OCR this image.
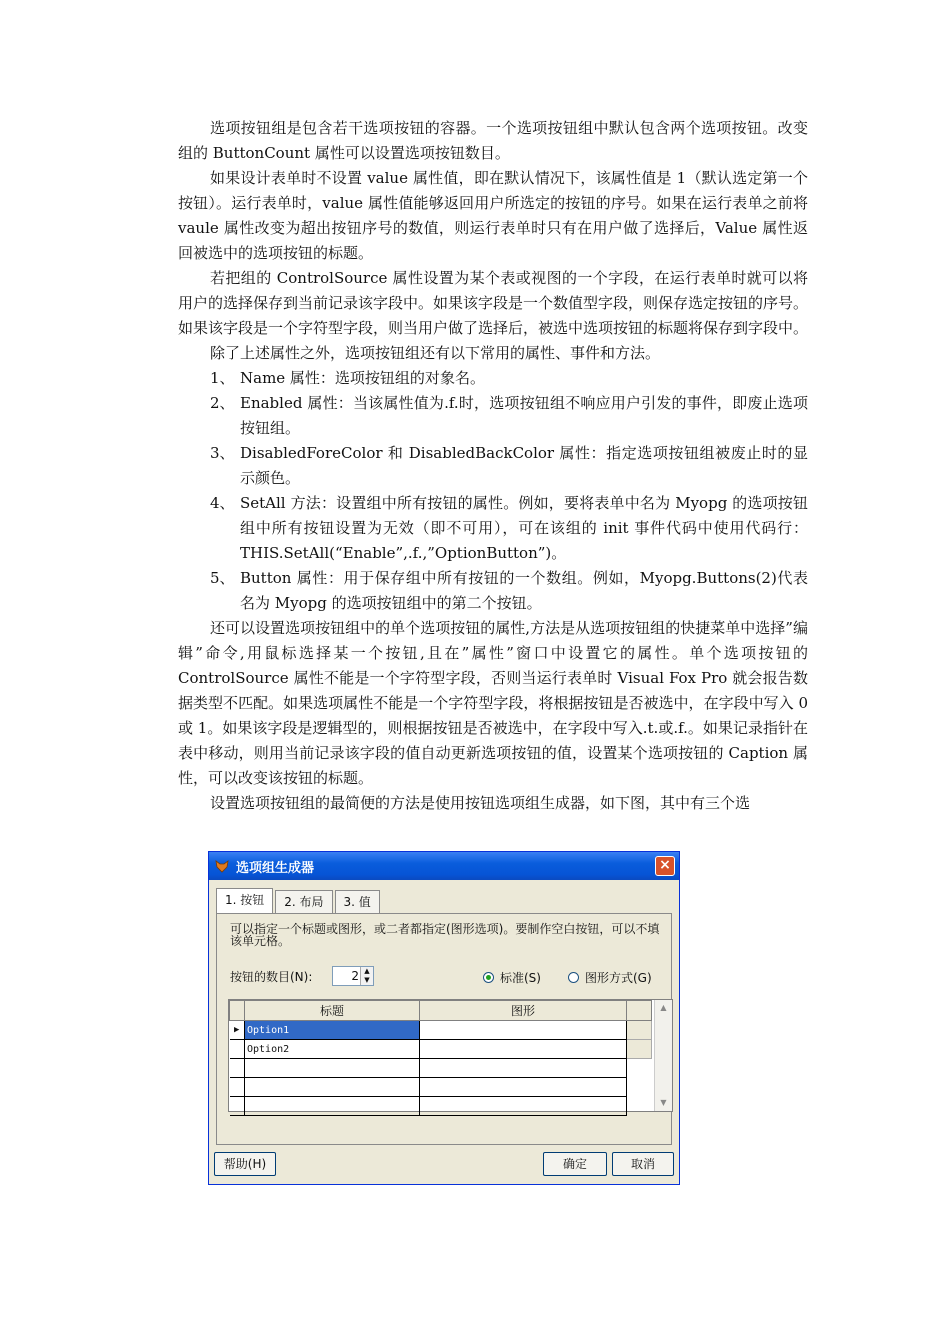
选项按钮组是包含若干选项按钮的容器。一个选项按钮组中默认包含两个选项按钮。改变组的 ButtonCount 属性可以设置选项按钮数目。

如果设计表单时不设置 value 属性值，即在默认情况下，该属性值是 1（默认选定第一个按钮）。运行表单时，value 属性值能够返回用户所选定的按钮的序号。如果在运行表单之前将 vaule 属性改变为超出按钮序号的数值，则运行表单时只有在用户做了选择后，Value 属性返回被选中的选项按钮的标题。

若把组的 ControlSource 属性设置为某个表或视图的一个字段，在运行表单时就可以将用户的选择保存到当前记录该字段中。如果该字段是一个数值型字段，则保存选定按钮的序号。如果该字段是一个字符型字段，则当用户做了选择后，被选中选项按钮的标题将保存到字段中。

除了上述属性之外，选项按钮组还有以下常用的属性、事件和方法。

1、 Name 属性：选项按钮组的对象名。
2、 Enabled 属性：当该属性值为.f.时，选项按钮组不响应用户引发的事件，即废止选项按钮组。
3、 DisabledForeColor 和 DisabledBackColor 属性：指定选项按钮组被废止时的显示颜色。
4、 SetAll 方法：设置组中所有按钮的属性。例如，要将表单中名为 Myopg 的选项按钮组中所有按钮设置为无效（即不可用），可在该组的 init 事件代码中使用代码行：THIS.SetAll(“Enable”,.f.,”OptionButton”)。
5、 Button 属性：用于保存组中所有按钮的一个数组。例如，Myopg.Buttons(2)代表名为 Myopg 的选项按钮组中的第二个按钮。

还可以设置选项按钮组中的单个选项按钮的属性,方法是从选项按钮组的快捷菜单中选择”编辑”命令,用鼠标选择某一个按钮,且在”属性”窗口中设置它的属性。单个选项按钮的 ControlSource 属性不能是一个字符型字段，否则当运行表单时 Visual Fox Pro 就会报告数据类型不匹配。如果选项属性不能是一个字符型字段，将根据按钮是否被选中，在字段中写入 0 或 1。如果该字段是逻辑型的，则根据按钮是否被选中，在字段中写入.t.或.f.。如果记录指针在表中移动，则用当前记录该字段的值自动更新选项按钮的值，设置某个选项按钮的 Caption 属性，可以改变该按钮的标题。

设置选项按钮组的最简便的方法是使用按钮选项组生成器，如下图，其中有三个选

选项组生成器	×
1. 按钮	2. 布局	3. 值
可以指定一个标题或图形，或二者都指定(图形选项)。要制作空白按钮，可以不填该单元格。
按钮的数目(N):	2 ▲
▼	标准(S)	图形方式(G)
	标题	图形	
▶	Option1		
	Option2		

▲
▼
帮助(H)	确定	取消
